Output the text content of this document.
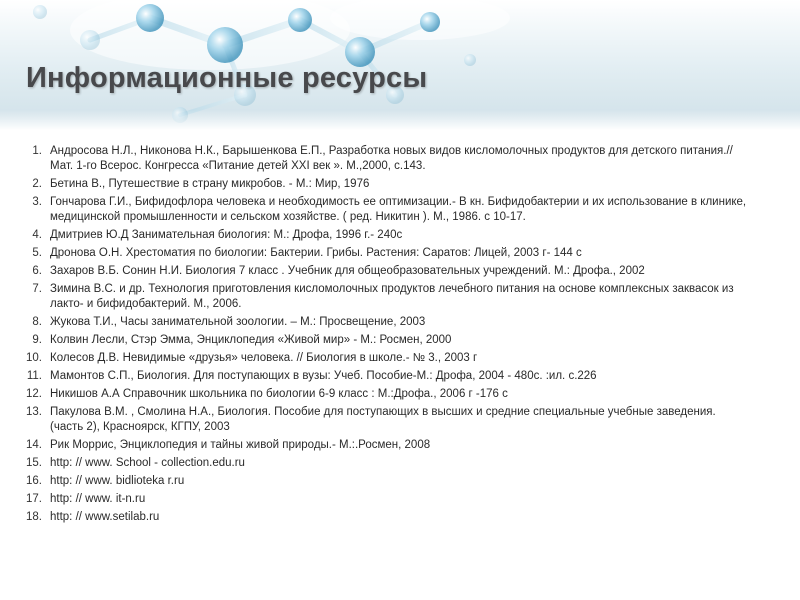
Информационные ресурсы
1. Андросова Н.Л., Никонова Н.К., Барышенкова Е.П., Разработка новых видов кисломолочных продуктов для детского питания.// Мат. 1-го Всерос. Конгресса «Питание детей XXI век ». М.,2000, с.143.
2. Бетина В., Путешествие в страну микробов. - М.: Мир, 1976
3. Гончарова Г.И., Бифидофлора человека и необходимость ее оптимизации.- В кн. Бифидобактерии и их использование в клинике, медицинской промышленности и сельском хозяйстве. ( ред. Никитин ). М., 1986. с 10-17.
4. Дмитриев Ю.Д Занимательная биология: М.: Дрофа, 1996 г.- 240с
5. Дронова О.Н. Хрестоматия по биологии: Бактерии. Грибы. Растения: Саратов: Лицей, 2003 г- 144 с
6. Захаров В.Б. Сонин Н.И. Биология 7 класс . Учебник для общеобразовательных учреждений. М.: Дрофа., 2002
7. Зимина В.С. и др. Технология приготовления кисломолочных продуктов лечебного питания на основе комплексных заквасок из лакто- и бифидобактерий. М., 2006.
8. Жукова Т.И., Часы занимательной зоологии. – М.: Просвещение, 2003
9. Колвин Лесли, Стэр Эмма, Энциклопедия «Живой мир» - М.: Росмен, 2000
10. Колесов Д.В. Невидимые «друзья» человека. // Биология в школе.- № 3., 2003 г
11. Мамонтов С.П., Биология. Для поступающих в вузы: Учеб. Пособие-М.: Дрофа, 2004 - 480с. :ил. с.226
12. Никишов А.А Справочник школьника по биологии 6-9 класс : М.:Дрофа., 2006 г -176 с
13. Пакулова В.М. , Смолина Н.А., Биология. Пособие для поступающих в высших и средние специальные учебные заведения. (часть 2), Красноярск, КГПУ, 2003
14. Рик Моррис, Энциклопедия и тайны живой природы.- М.:.Росмен, 2008
15. http: // www. School - collection.edu.ru
16. http: // www. bidlioteka r.ru
17. http: // www. it-n.ru
18. http: // www.setilab.ru
